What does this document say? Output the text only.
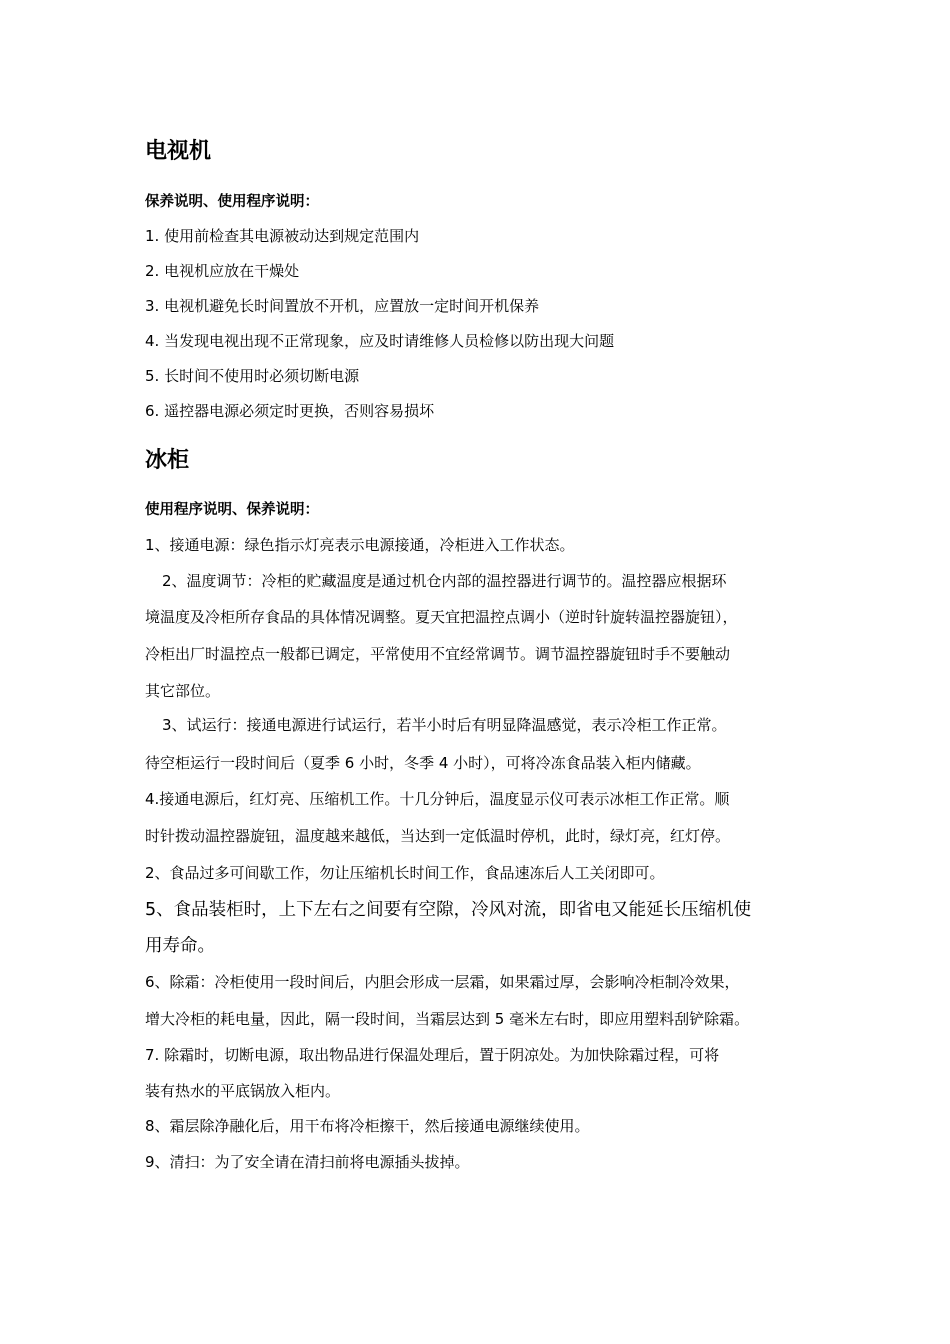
电视机
保养说明、使用程序说明：
1. 使用前检查其电源被动达到规定范围内
2. 电视机应放在干燥处
3. 电视机避免长时间置放不开机，应置放一定时间开机保养
4. 当发现电视出现不正常现象，应及时请维修人员检修以防出现大问题
5. 长时间不使用时必须切断电源
6. 遥控器电源必须定时更换，否则容易损坏
冰柜
使用程序说明、保养说明：
1、接通电源：绿色指示灯亮表示电源接通，冷柜进入工作状态。
2、温度调节：冷柜的贮藏温度是通过机仓内部的温控器进行调节的。温控器应根据环
境温度及冷柜所存食品的具体情况调整。夏天宜把温控点调小（逆时针旋转温控器旋钮），
冷柜出厂时温控点一般都已调定，平常使用不宜经常调节。调节温控器旋钮时手不要触动
其它部位。
3、试运行：接通电源进行试运行，若半小时后有明显降温感觉，表示冷柜工作正常。
待空柜运行一段时间后（夏季 6 小时，冬季 4 小时），可将冷冻食品装入柜内储藏。
4.接通电源后，红灯亮、压缩机工作。十几分钟后，温度显示仪可表示冰柜工作正常。顺
时针拨动温控器旋钮，温度越来越低，当达到一定低温时停机，此时，绿灯亮，红灯停。
2、食品过多可间歇工作，勿让压缩机长时间工作，食品速冻后人工关闭即可。
5、食品装柜时，上下左右之间要有空隙，冷风对流，即省电又能延长压缩机使
用寿命。
6、除霜：冷柜使用一段时间后，内胆会形成一层霜，如果霜过厚，会影响冷柜制冷效果，
增大冷柜的耗电量，因此，隔一段时间，当霜层达到 5 毫米左右时，即应用塑料刮铲除霜。
7. 除霜时，切断电源，取出物品进行保温处理后，置于阴凉处。为加快除霜过程，可将
装有热水的平底锅放入柜内。
8、霜层除净融化后，用干布将冷柜擦干，然后接通电源继续使用。
9、清扫：为了安全请在清扫前将电源插头拔掉。
